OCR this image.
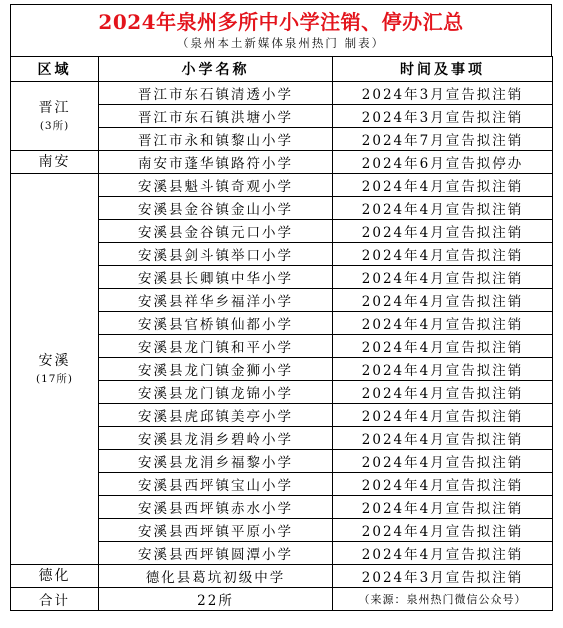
2024年泉州多所中小学注销、停办汇总
（泉州本土新媒体泉州热门 制表）
区域	小学名称	时间及事项

晋江
(3所)	晋江市东石镇清透小学	2024年3月宣告拟注销
	晋江市东石镇洪塘小学	2024年3月宣告拟注销
	晋江市永和镇黎山小学	2024年7月宣告拟注销

南安	南安市蓬华镇路符小学	2024年6月宣告拟停办

安溪
(17所)	安溪县魁斗镇奇观小学	2024年4月宣告拟注销
	安溪县金谷镇金山小学	2024年4月宣告拟注销
	安溪县金谷镇元口小学	2024年4月宣告拟注销
	安溪县剑斗镇举口小学	2024年4月宣告拟注销
	安溪县长卿镇中华小学	2024年4月宣告拟注销
	安溪县祥华乡福洋小学	2024年4月宣告拟注销
	安溪县官桥镇仙都小学	2024年4月宣告拟注销
	安溪县龙门镇和平小学	2024年4月宣告拟注销
	安溪县龙门镇金狮小学	2024年4月宣告拟注销
	安溪县龙门镇龙锦小学	2024年4月宣告拟注销
	安溪县虎邱镇美亭小学	2024年4月宣告拟注销
	安溪县龙涓乡碧岭小学	2024年4月宣告拟注销
	安溪县龙涓乡福黎小学	2024年4月宣告拟注销
	安溪县西坪镇宝山小学	2024年4月宣告拟注销
	安溪县西坪镇赤水小学	2024年4月宣告拟注销
	安溪县西坪镇平原小学	2024年4月宣告拟注销
	安溪县西坪镇圆潭小学	2024年4月宣告拟注销

德化	德化县葛坑初级中学	2024年3月宣告拟注销
合计	22所	（来源：泉州热门微信公众号）
